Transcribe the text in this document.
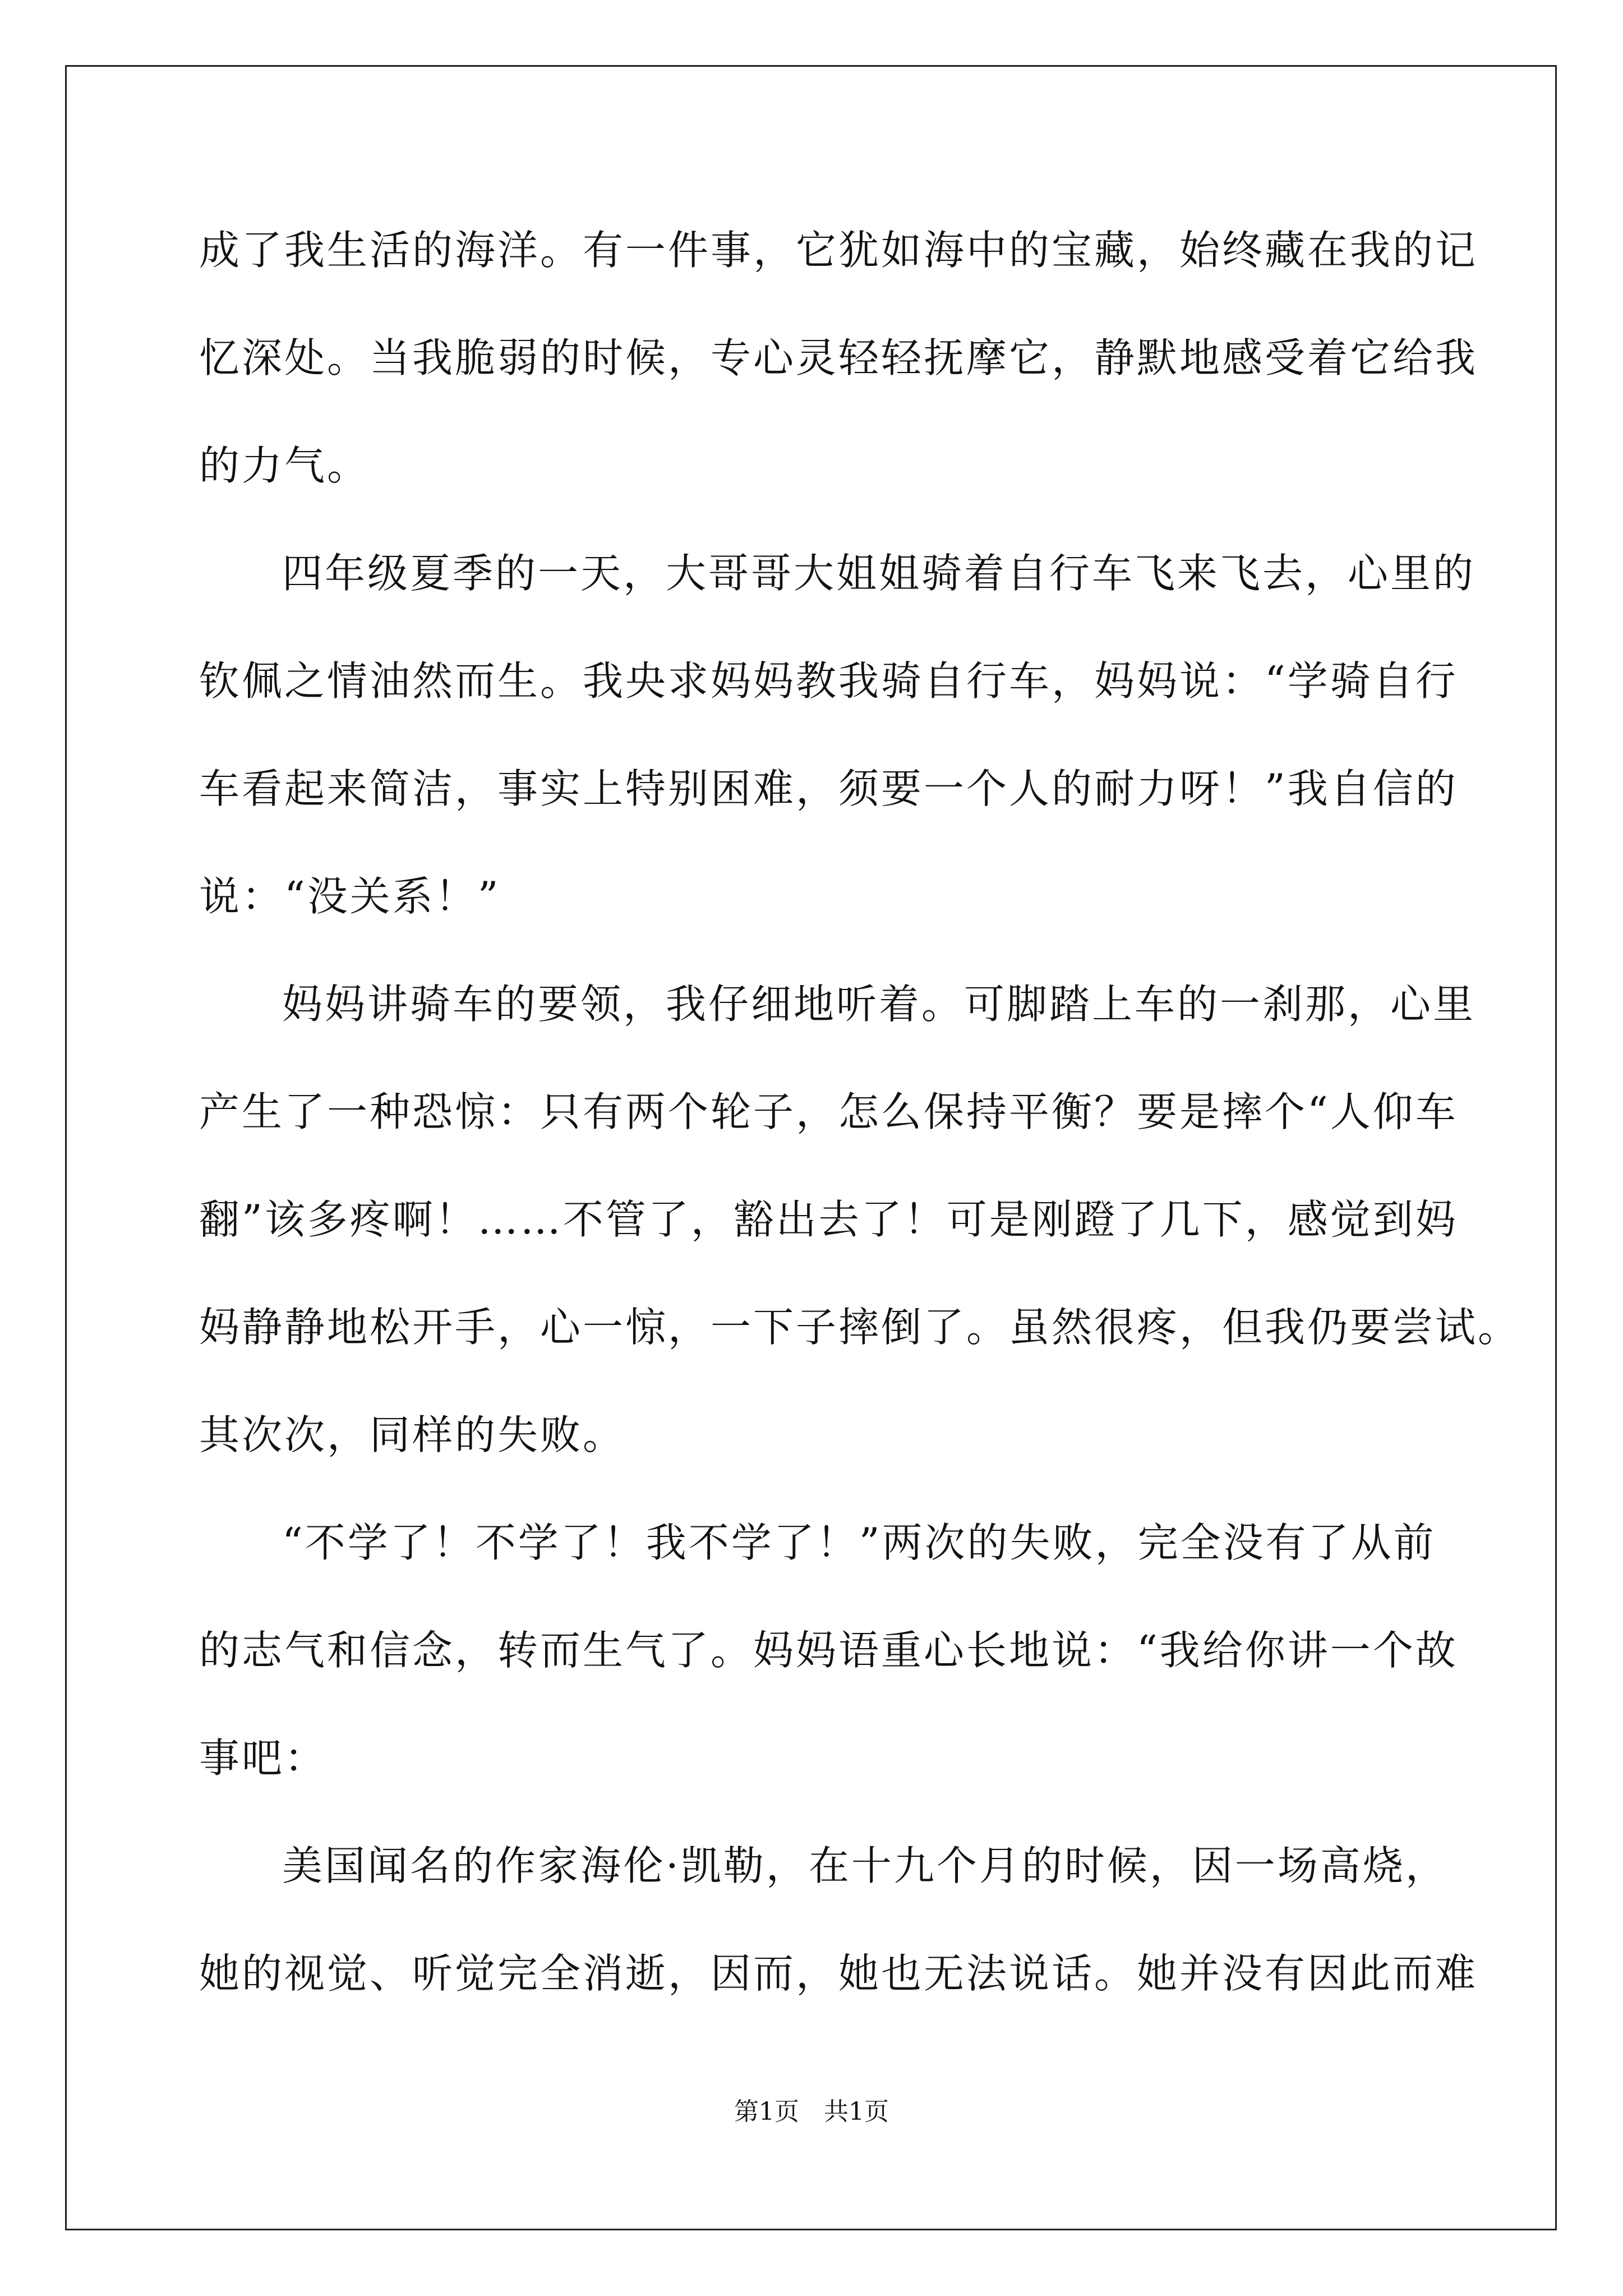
成了我生活的海洋。有一件事，它犹如海中的宝藏，始终藏在我的记
忆深处。当我脆弱的时候，专心灵轻轻抚摩它，静默地感受着它给我
的力气。
四年级夏季的一天，大哥哥大姐姐骑着自行车飞来飞去，心里的
钦佩之情油然而生。我央求妈妈教我骑自行车，妈妈说：“学骑自行
车看起来简洁，事实上特别困难，须要一个人的耐力呀！”我自信的
说：“没关系！”
妈妈讲骑车的要领，我仔细地听着。可脚踏上车的一刹那，心里
产生了一种恐惊：只有两个轮子，怎么保持平衡？要是摔个“人仰车
翻”该多疼啊！……不管了，豁出去了！可是刚蹬了几下，感觉到妈
妈静静地松开手，心一惊，一下子摔倒了。虽然很疼，但我仍要尝试。
其次次，同样的失败。
“不学了！不学了！我不学了！”两次的失败，完全没有了从前
的志气和信念，转而生气了。妈妈语重心长地说：“我给你讲一个故
事吧：
美国闻名的作家海伦·凯勒，在十九个月的时候，因一场高烧，
她的视觉、听觉完全消逝，因而，她也无法说话。她并没有因此而难
第1页　共1页
